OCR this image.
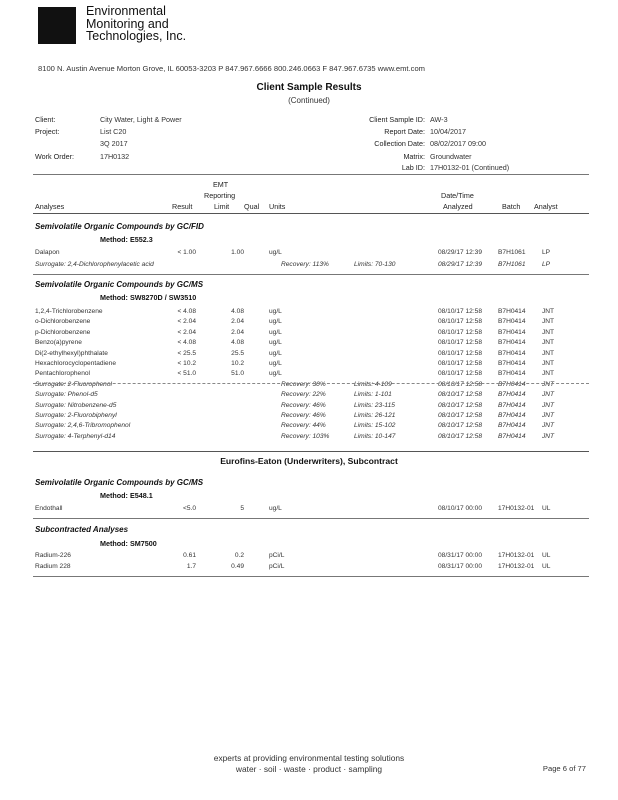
Environmental
Monitoring and
Technologies, Inc.
8100 N. Austin Avenue Morton Grove, IL 60053-3203 P 847.967.6666 800.246.0663 F 847.967.6735 www.emt.com
Client Sample Results
(Continued)
Client:	City Water, Light & Power
Project:	List C20
3Q 2017
Work Order:	17H0132
Client Sample ID: AW-3
Report Date: 10/04/2017
Collection Date: 08/02/2017 09:00
Matrix: Groundwater
Lab ID: 17H0132-01 (Continued)
EMT
Reporting	Date/Time
Analyses	Result	Limit Qual Units	Analyzed	Batch Analyst
Semivolatile Organic Compounds by GC/FID
Method: E552.3
Dalapon	< 1.00	1.00	ug/L	08/29/17 12:39 B7H1061	LP
Surrogate: 2,4-Dichlorophenylacetic acid	Recovery: 113%	Limits: 70-130	08/29/17 12:39 B7H1061	LP
Semivolatile Organic Compounds by GC/MS
Method: SW8270D / SW3510
1,2,4-Trichlorobenzene	< 4.08	4.08	ug/L	08/10/17 12:58 B7H0414	JNT
o-Dichlorobenzene	< 2.04	2.04	ug/L	08/10/17 12:58 B7H0414	JNT
p-Dichlorobenzene	< 2.04	2.04	ug/L	08/10/17 12:58 B7H0414	JNT
Benzo(a)pyrene	< 4.08	4.08	ug/L	08/10/17 12:58 B7H0414	JNT
Di(2-ethylhexyl)phthalate	< 25.5	25.5	ug/L	08/10/17 12:58 B7H0414	JNT
Hexachlorocyclopentadiene	< 10.2	10.2	ug/L	08/10/17 12:58 B7H0414	JNT
Pentachlorophenol	< 51.0	51.0	ug/L	08/10/17 12:58 B7H0414	JNT
Surrogate: 2-Fluorophenol	Recovery: 30%	Limits: 4-109	08/10/17 12:58 B7H0414	JNT
Surrogate: Phenol-d5	Recovery: 22%	Limits: 1-101	08/10/17 12:58 B7H0414	JNT
Surrogate: Nitrobenzene-d5	Recovery: 46%	Limits: 23-115	08/10/17 12:58 B7H0414	JNT
Surrogate: 2-Fluorobiphenyl	Recovery: 46%	Limits: 26-121	08/10/17 12:58 B7H0414	JNT
Surrogate: 2,4,6-Tribromophenol	Recovery: 44%	Limits: 15-102	08/10/17 12:58 B7H0414	JNT
Surrogate: 4-Terphenyl-d14	Recovery: 103%	Limits: 10-147	08/10/17 12:58 B7H0414	JNT
Eurofins-Eaton (Underwriters), Subcontract
Semivolatile Organic Compounds by GC/MS
Method: E548.1
Endothall	<5.0	5	ug/L	08/10/17 00:00 17H0132-01 UL
Subcontracted Analyses
Method: SM7500
Radium-226	0.61	0.2	pCi/L	08/31/17 00:00 17H0132-01 UL
Radium 228	1.7	0.49	pCi/L	08/31/17 00:00 17H0132-01 UL
experts at providing environmental testing solutions
water · soil · waste · product · sampling	Page 6 of 77
